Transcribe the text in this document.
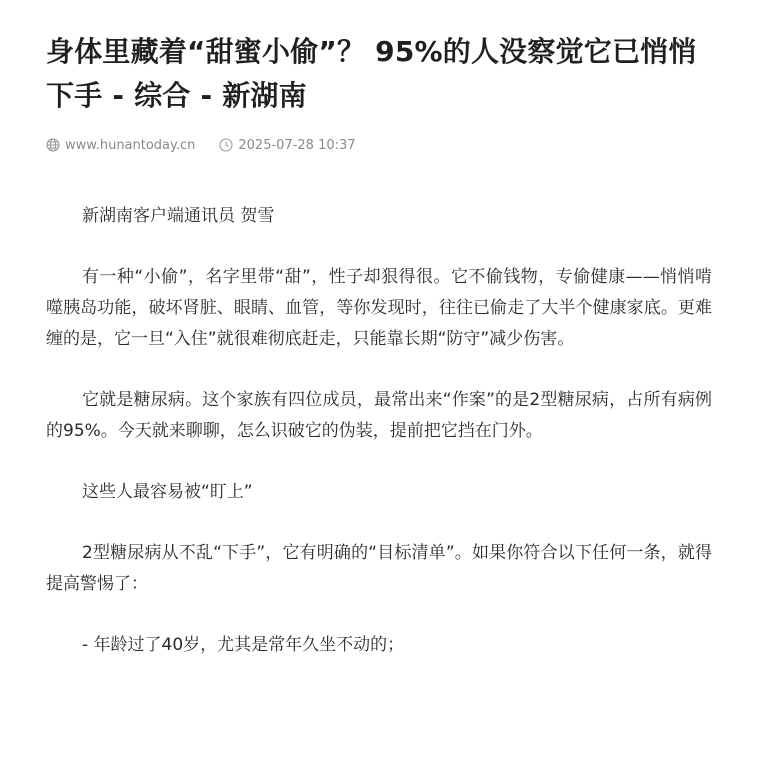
身体里藏着“甜蜜小偷”？ 95%的人没察觉它已悄悄下手 - 综合 - 新湖南
www.hunantoday.cn	2025-07-28 10:37

新湖南客户端通讯员 贺雪

有一种“小偷”，名字里带“甜”，性子却狠得很。它不偷钱物，专偷健康——悄悄啃噬胰岛功能，破坏肾脏、眼睛、血管，等你发现时，往往已偷走了大半个健康家底。更难缠的是，它一旦“入住”就很难彻底赶走，只能靠长期“防守”减少伤害。

它就是糖尿病。这个家族有四位成员，最常出来“作案”的是2型糖尿病，占所有病例的95%。今天就来聊聊，怎么识破它的伪装，提前把它挡在门外。

这些人最容易被“盯上”

2型糖尿病从不乱“下手”，它有明确的“目标清单”。如果你符合以下任何一条，就得提高警惕了：

- 年龄过了40岁，尤其是常年久坐不动的；
